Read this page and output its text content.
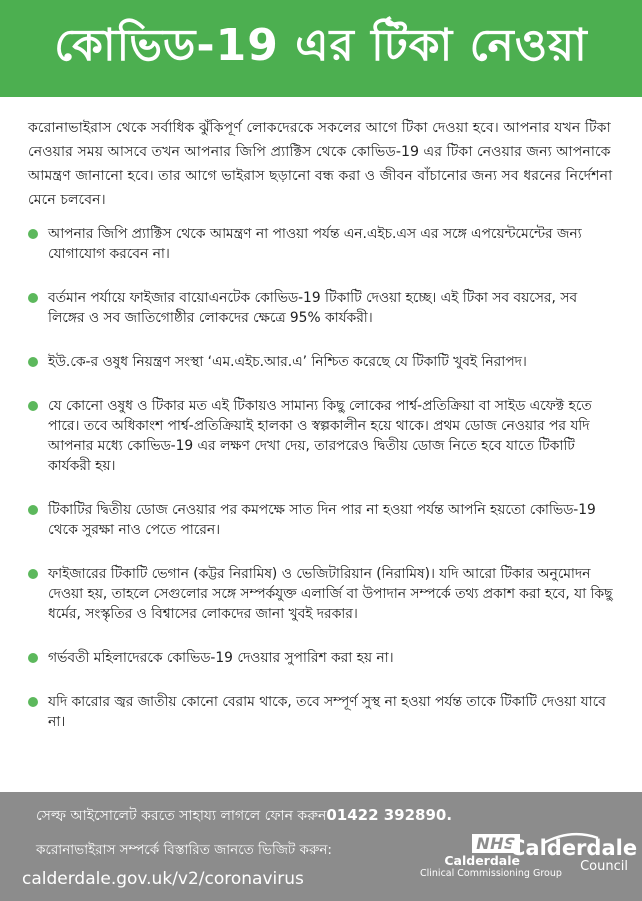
কোভিড-19 এর টিকা নেওয়া

করোনাভাইরাস থেকে সর্বাধিক ঝুঁকিপূর্ণ লোকদেরকে সকলের আগে টিকা দেওয়া হবে। আপনার যখন টিকা নেওয়ার সময় আসবে তখন আপনার জিপি প্র্যাক্টিস থেকে কোভিড-19 এর টিকা নেওয়ার জন্য আপনাকে আমন্ত্রণ জানানো হবে। তার আগে ভাইরাস ছড়ানো বন্ধ করা ও জীবন বাঁচানোর জন্য সব ধরনের নির্দেশনা মেনে চলবেন।

আপনার জিপি প্র্যাক্টিস থেকে আমন্ত্রণ না পাওয়া পর্যন্ত এন.এইচ.এস এর সঙ্গে এপয়েন্টমেন্টের জন্য যোগাযোগ করবেন না।
বর্তমান পর্যায়ে ফাইজার বায়োএনটেক কোভিড-19 টিকাটি দেওয়া হচ্ছে। এই টিকা সব বয়সের, সব লিঙ্গের ও সব জাতিগোষ্ঠীর লোকদের ক্ষেত্রে 95% কার্যকরী।
ইউ.কে-র ওষুধ নিয়ন্ত্রণ সংস্থা ‘এম.এইচ.আর.এ’ নিশ্চিত করেছে যে টিকাটি খুবই নিরাপদ।
যে কোনো ওষুধ ও টিকার মত এই টিকায়ও সামান্য কিছু লোকের পার্শ্ব-প্রতিক্রিয়া বা সাইড এফেক্ট হতে পারে। তবে অধিকাংশ পার্শ্ব-প্রতিক্রিয়াই হালকা ও স্বল্পকালীন হয়ে থাকে। প্রথম ডোজ নেওয়ার পর যদি আপনার মধ্যে কোভিড-19 এর লক্ষণ দেখা দেয়, তারপরেও দ্বিতীয় ডোজ নিতে হবে যাতে টিকাটি কার্যকরী হয়।
টিকাটির দ্বিতীয় ডোজ নেওয়ার পর কমপক্ষে সাত দিন পার না হওয়া পর্যন্ত আপনি হয়তো কোভিড-19 থেকে সুরক্ষা নাও পেতে পারেন।
ফাইজারের টিকাটি ভেগান (কট্টর নিরামিষ) ও ভেজিটারিয়ান (নিরামিষ)। যদি আরো টিকার অনুমোদন দেওয়া হয়, তাহলে সেগুলোর সঙ্গে সম্পর্কযুক্ত এলার্জি বা উপাদান সম্পর্কে তথ্য প্রকাশ করা হবে, যা কিছু ধর্মের, সংস্কৃতির ও বিশ্বাসের লোকদের জানা খুবই দরকার।
গর্ভবতী মহিলাদেরকে কোভিড-19 দেওয়ার সুপারিশ করা হয় না।
যদি কারোর জ্বর জাতীয় কোনো বেরাম থাকে, তবে সম্পূর্ণ সুস্থ না হওয়া পর্যন্ত তাকে টিকাটি দেওয়া যাবে না।
সেল্ফ আইসোলেট করতে সাহায্য লাগলে ফোন করুন01422 392890.
করোনাভাইরাস সম্পর্কে বিস্তারিত জানতে ভিজিট করুন:
calderdale.gov.uk/v2/coronavirus
NHS
Calderdale
Clinical Commissioning Group
Calderdale
Council
